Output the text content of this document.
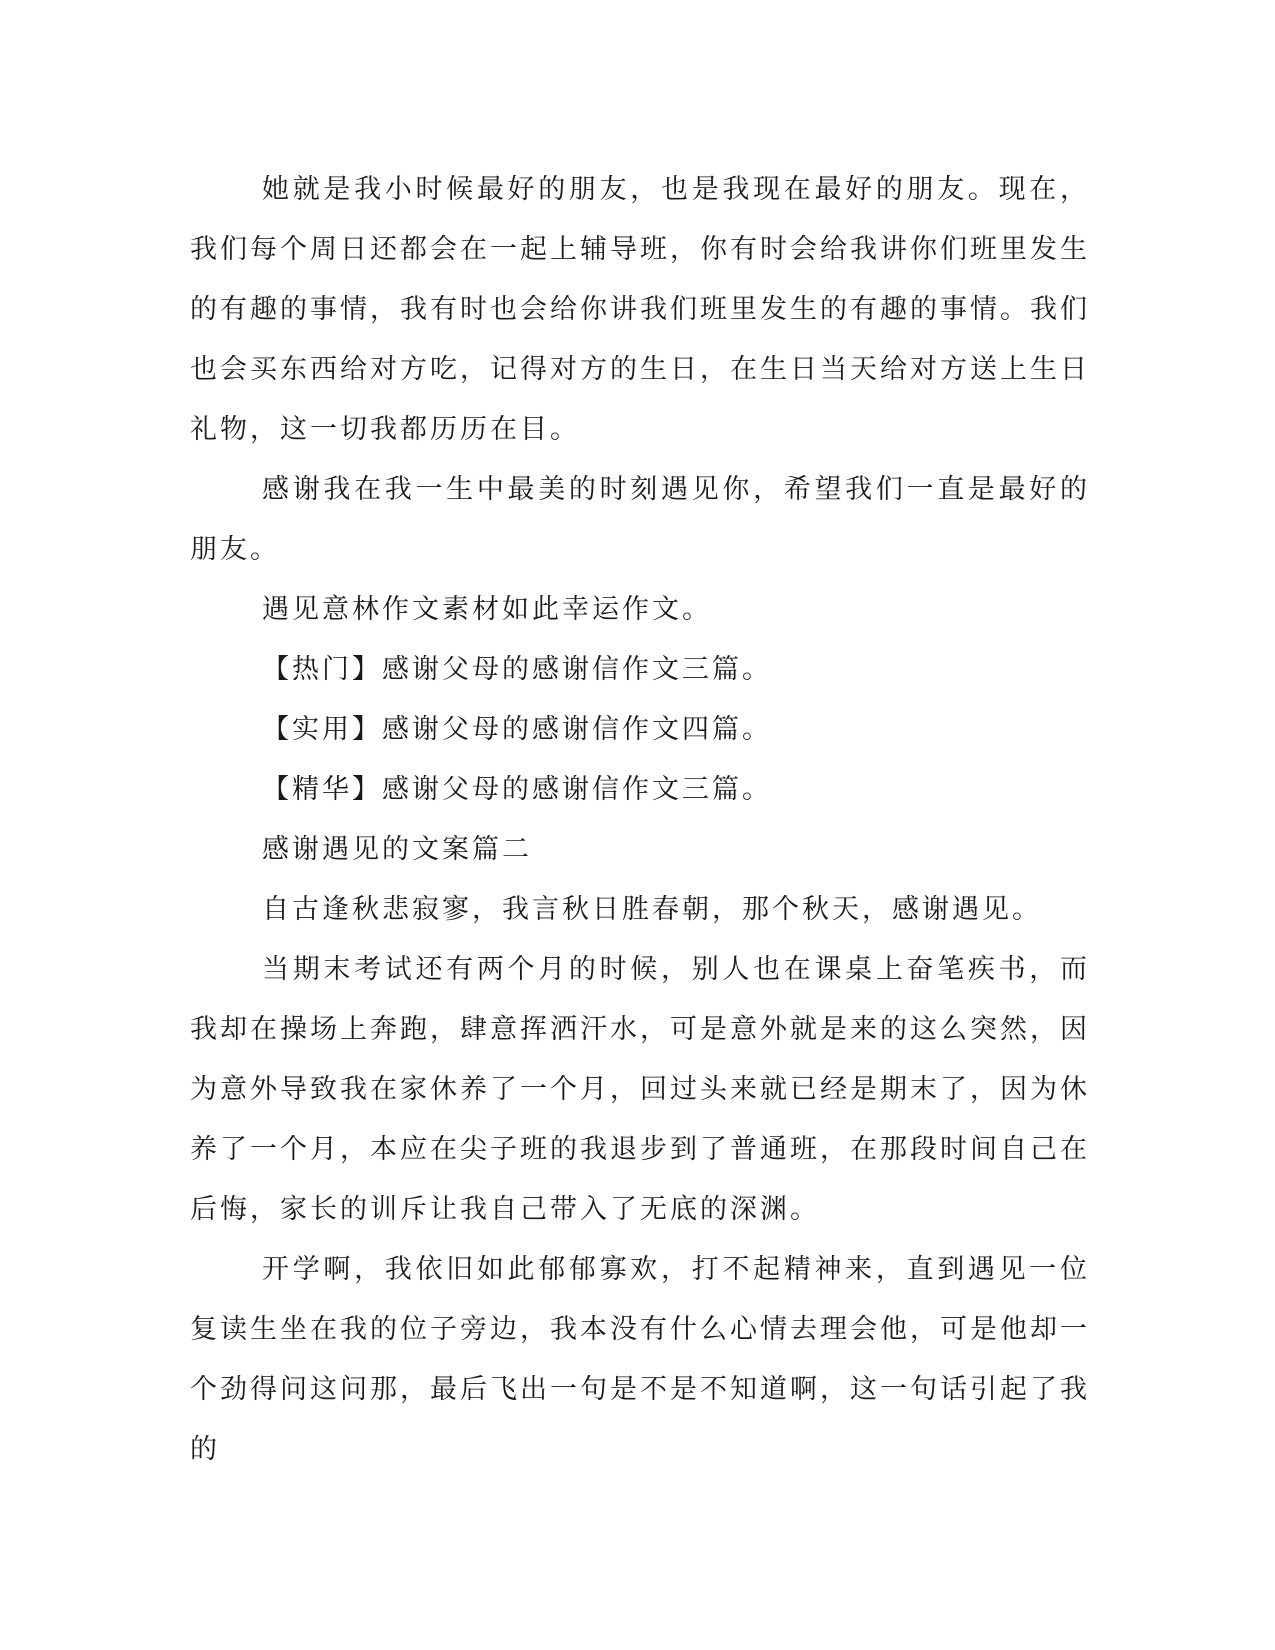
她就是我小时候最好的朋友，也是我现在最好的朋友。现在，我们每个周日还都会在一起上辅导班，你有时会给我讲你们班里发生的有趣的事情，我有时也会给你讲我们班里发生的有趣的事情。我们也会买东西给对方吃，记得对方的生日，在生日当天给对方送上生日礼物，这一切我都历历在目。

感谢我在我一生中最美的时刻遇见你，希望我们一直是最好的朋友。

遇见意林作文素材如此幸运作文。

【热门】感谢父母的感谢信作文三篇。

【实用】感谢父母的感谢信作文四篇。

【精华】感谢父母的感谢信作文三篇。

感谢遇见的文案篇二

自古逢秋悲寂寥，我言秋日胜春朝，那个秋天，感谢遇见。

当期末考试还有两个月的时候，别人也在课桌上奋笔疾书，而我却在操场上奔跑，肆意挥洒汗水，可是意外就是来的这么突然，因为意外导致我在家休养了一个月，回过头来就已经是期末了，因为休养了一个月，本应在尖子班的我退步到了普通班，在那段时间自己在后悔，家长的训斥让我自己带入了无底的深渊。

开学啊，我依旧如此郁郁寡欢，打不起精神来，直到遇见一位复读生坐在我的位子旁边，我本没有什么心情去理会他，可是他却一个劲得问这问那，最后飞出一句是不是不知道啊，这一句话引起了我的
